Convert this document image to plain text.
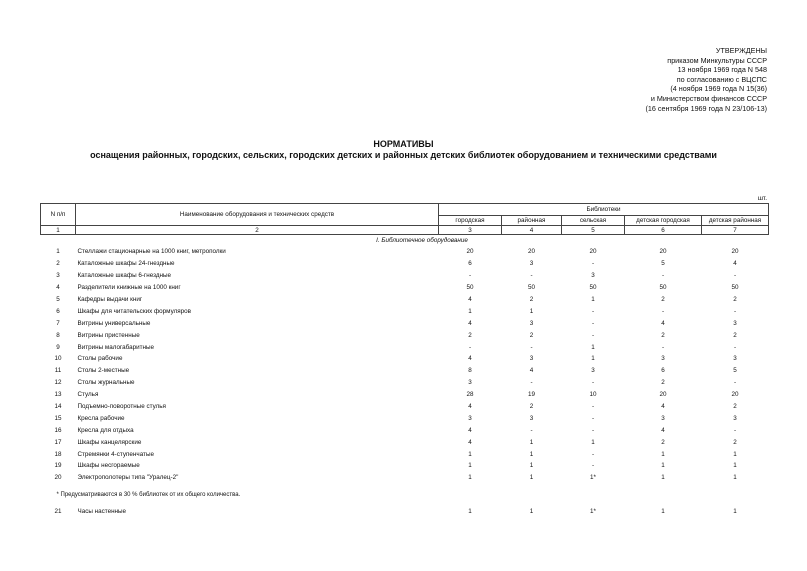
УТВЕРЖДЕНЫ
приказом Минкультуры СССР
13 ноября 1969 года N 548
по согласованию с ВЦСПС
(4 ноября 1969 года N 15(36)
и Министерством финансов СССР
(16 сентября 1969 года N 23/106-13)
НОРМАТИВЫ
оснащения районных, городских, сельских, городских детских и районных детских библиотек оборудованием и техническими средствами
шт.
N п/п	Наименование оборудования и технических средств	Библиотеки				
		городская	районная	сельская	детская городская	детская районная
1	2	3	4	5	6	7
	I. Библиотечное оборудование					
1	Стеллажи стационарные на 1000 книг, метрополки	20	20	20	20	20
2	Каталожные шкафы 24-гнездные	6	3	-	5	4
3	Каталожные шкафы 6-гнездные	-	-	3	-	-
4	Разделители книжные на 1000 книг	50	50	50	50	50
5	Кафедры выдачи книг	4	2	1	2	2
6	Шкафы для читательских формуляров	1	1	-	-	-
7	Витрины универсальные	4	3	-	4	3
8	Витрины пристенные	2	2	-	2	2
9	Витрины малогабаритные	-	-	1	-	-
10	Столы рабочие	4	3	1	3	3
11	Столы 2-местные	8	4	3	6	5
12	Столы журнальные	3	-	-	2	-
13	Стулья	28	19	10	20	20
14	Подъемно-поворотные стулья	4	2	-	4	2
15	Кресла рабочие	3	3	-	3	3
16	Кресла для отдыха	4	-	-	4	-
17	Шкафы канцелярские	4	1	1	2	2
18	Стремянки 4-ступенчатые	1	1	-	1	1
19	Шкафы несгораемые	1	1	-	1	1
20	Электрополотеры типа "Уралец-2"	1	1	1*	1	1
* Предусматриваются в 30 % библиотек от их общего количества.						
21	Часы настенные	1	1	1*	1	1
